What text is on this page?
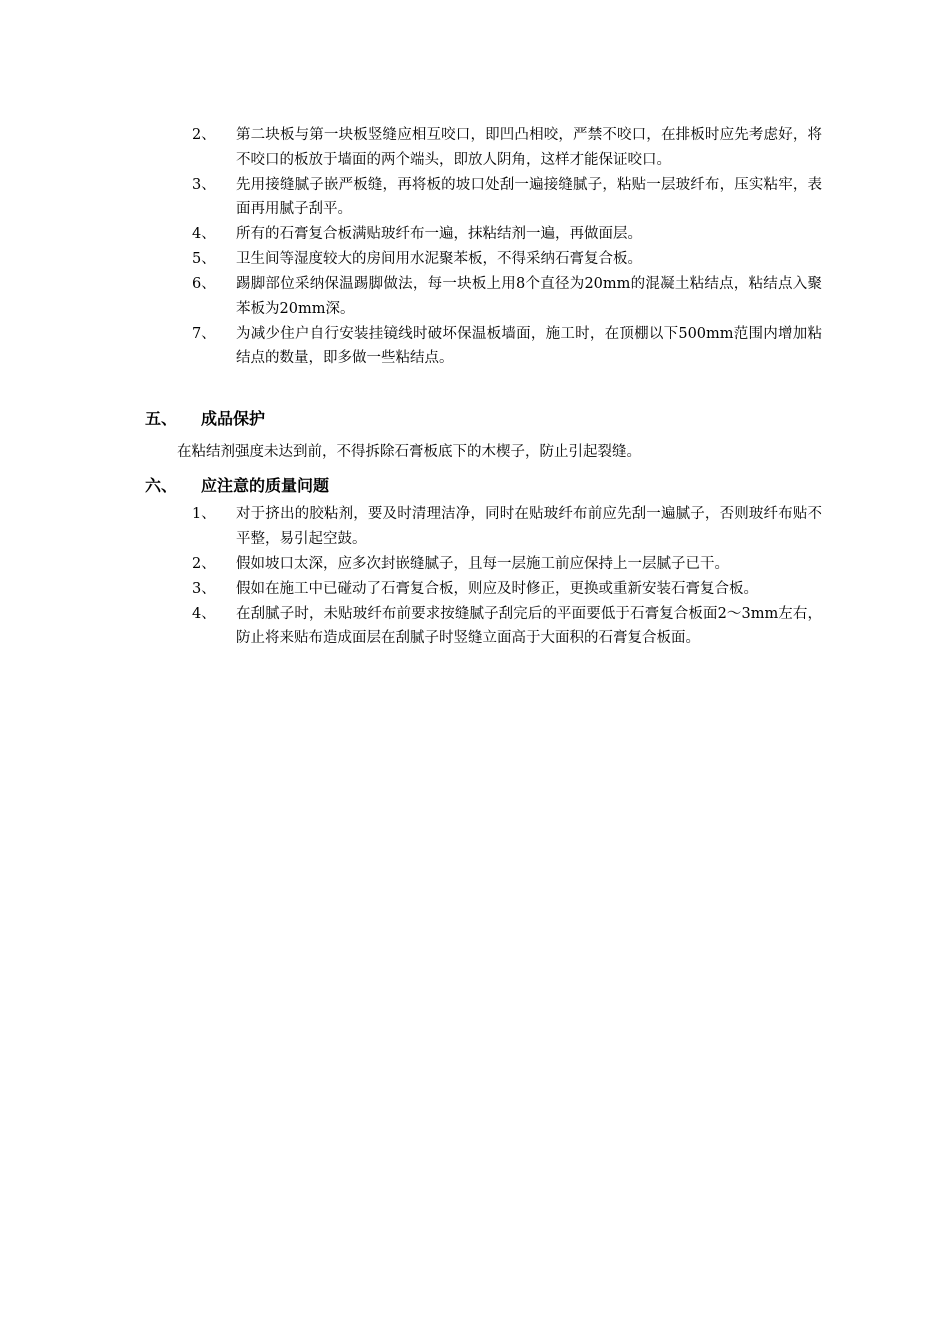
2、	第二块板与第一块板竖缝应相互咬口，即凹凸相咬，严禁不咬口，在排板时应先考虑好，将不咬口的板放于墙面的两个端头，即放人阴角，这样才能保证咬口。
3、	先用接缝腻子嵌严板缝，再将板的坡口处刮一遍接缝腻子，粘贴一层玻纤布，压实粘牢，表面再用腻子刮平。
4、	所有的石膏复合板满贴玻纤布一遍，抹粘结剂一遍，再做面层。
5、	卫生间等湿度较大的房间用水泥聚苯板，不得采纳石膏复合板。
6、	踢脚部位采纳保温踢脚做法，每一块板上用8个直径为20mm的混凝土粘结点，粘结点入聚苯板为20mm深。
7、	为减少住户自行安装挂镜线时破坏保温板墙面，施工时，在顶棚以下500mm范围内增加粘结点的数量，即多做一些粘结点。
五、	成品保护
在粘结剂强度未达到前，不得拆除石膏板底下的木楔子，防止引起裂缝。
六、	应注意的质量问题
1、	对于挤出的胶粘剂，要及时清理洁净，同时在贴玻纤布前应先刮一遍腻子，否则玻纤布贴不平整，易引起空鼓。
2、	假如坡口太深，应多次封嵌缝腻子，且每一层施工前应保持上一层腻子已干。
3、	假如在施工中已碰动了石膏复合板，则应及时修正，更换或重新安装石膏复合板。
4、	在刮腻子时，未贴玻纤布前要求按缝腻子刮完后的平面要低于石膏复合板面2～3mm左右，防止将来贴布造成面层在刮腻子时竖缝立面高于大面积的石膏复合板面。
